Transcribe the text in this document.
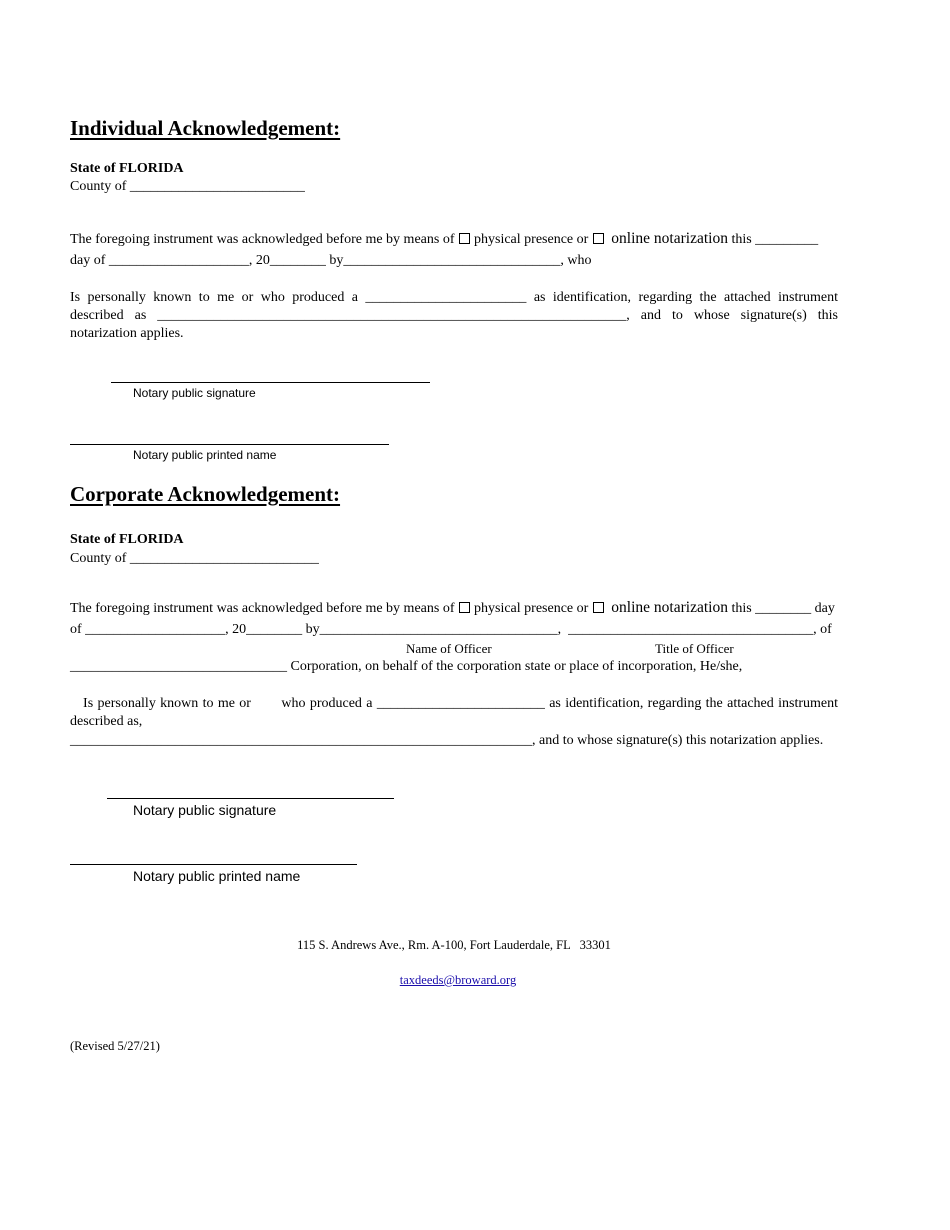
Individual Acknowledgement:
State of FLORIDA
County of _________________________
The foregoing instrument was acknowledged before me by means of physical presence or online notarization this _________
day of ____________________, 20________ by_______________________________, who
Is personally known to me or who produced a _______________________ as identification, regarding the attached instrument
described as ___________________________________________________________________, and to whose signature(s) this
notarization applies.
Notary public signature
Notary public printed name
Corporate Acknowledgement:
State of FLORIDA
County of ___________________________
The foregoing instrument was acknowledged before me by means of physical presence or online notarization this ________ day
of ____________________, 20________ by__________________________________,  ___________________________________, of
Name of Officer	Title of Officer
_______________________________ Corporation, on behalf of the corporation state or place of incorporation, He/she,
Is personally known to me or       who produced a ________________________ as identification, regarding the attached instrument
described as,
__________________________________________________________________, and to whose signature(s) this notarization applies.
Notary public signature
Notary public printed name
115 S. Andrews Ave., Rm. A-100, Fort Lauderdale, FL   33301

taxdeeds@broward.org

(Revised 5/27/21)
